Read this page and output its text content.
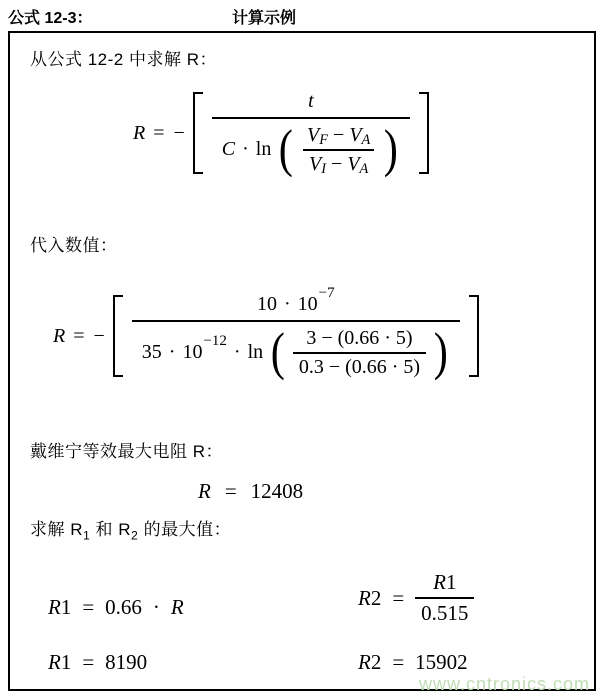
公式 12-3：	计算示例
从公式 12-2 中求解 R：
R = −
t
C · ln ( $\frac{V_F - V_A}{V_I - V_A}$ )
代入数值：
R = −
10 · 10 −7
35 · 10 −12 · ln ( $\frac{3 - (0.66 \cdot 5)}{0.3 - (0.66 \cdot 5)}$ )
戴维宁等效最大电阻 R：
R = 12408
求解 $R_1$ 和 $R_2$ 的最大值：
R 1 = 0.66 · R	R $2 = \frac{R 1}{0.515}$
R 1 = 8190	R 2 = 15902
www.cntronics.com
